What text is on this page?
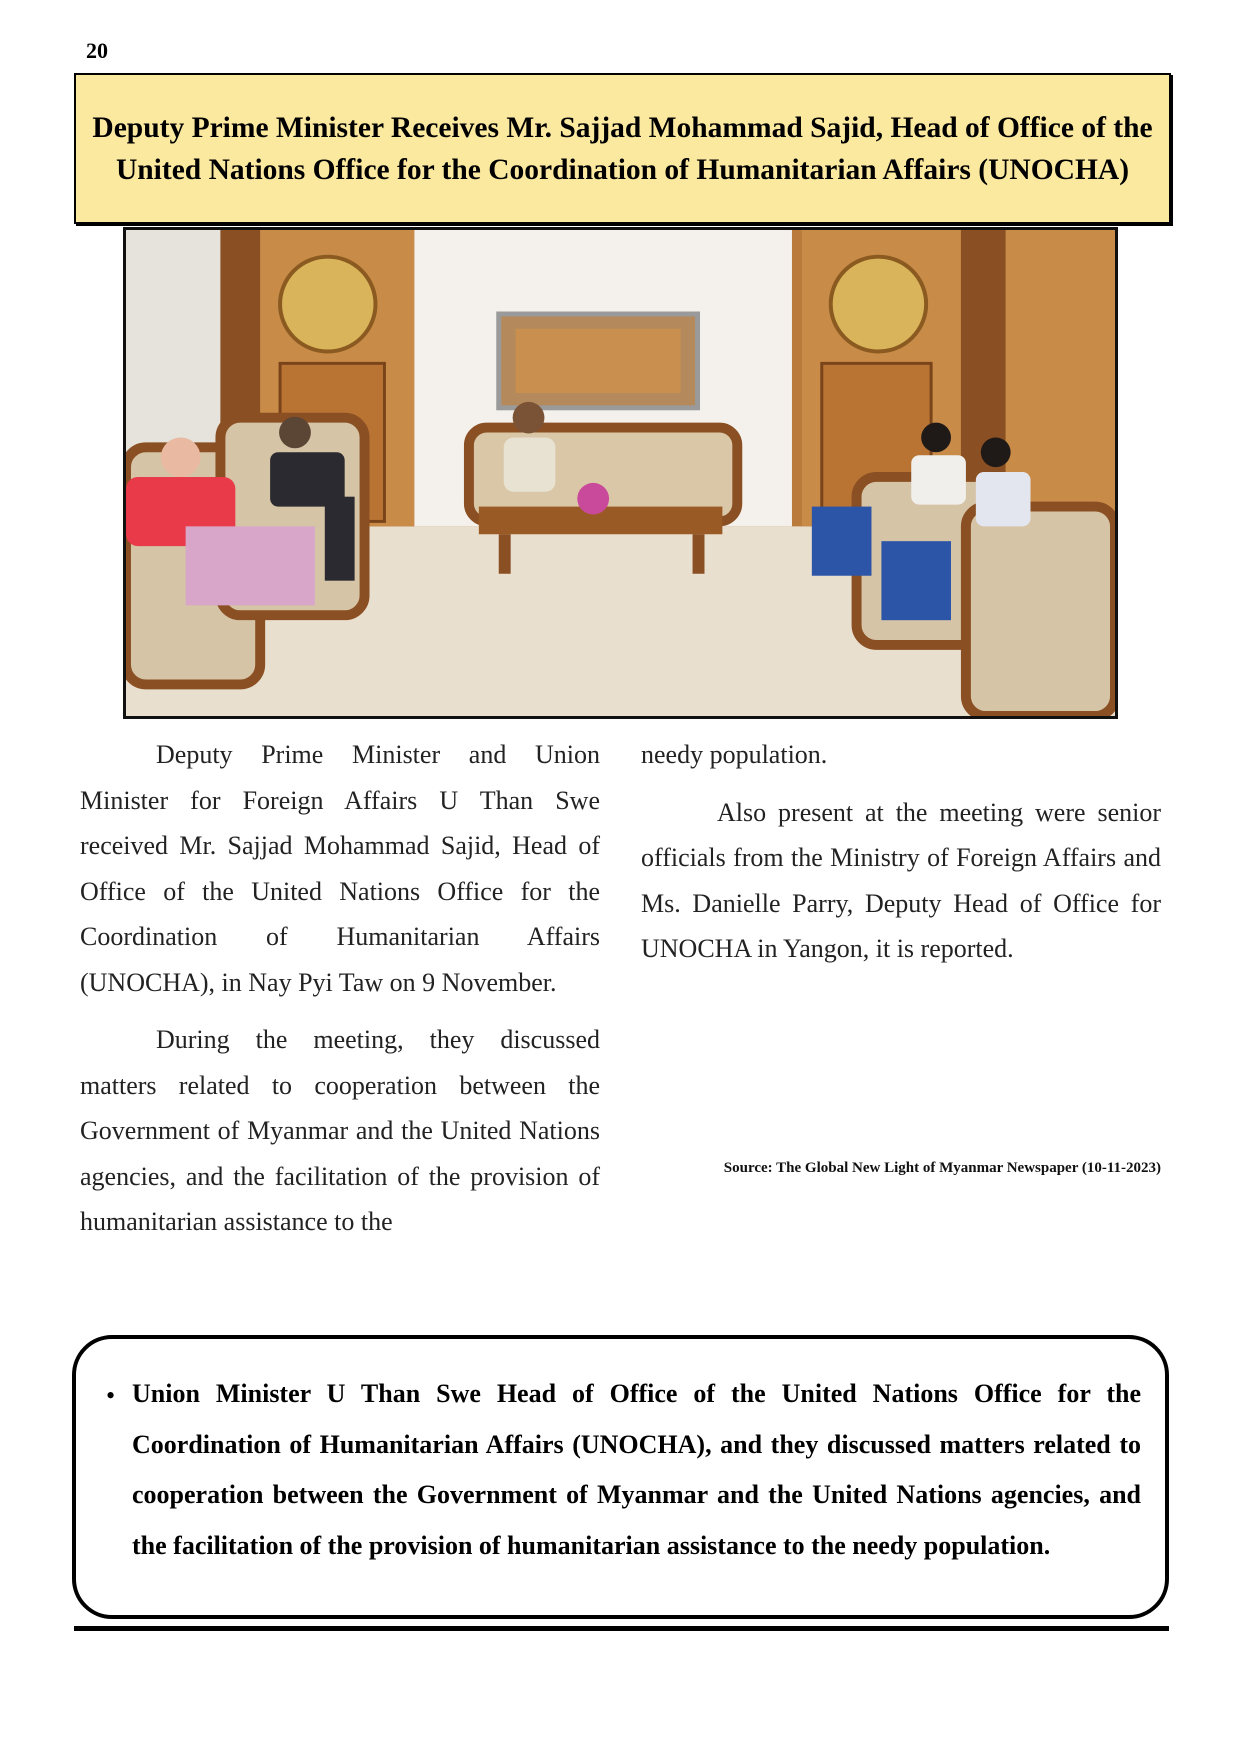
20
Deputy Prime Minister Receives Mr. Sajjad Mohammad Sajid, Head of Office of the United Nations Office for the Coordination of Humanitarian Affairs (UNOCHA)

Deputy Prime Minister and Union Minister for Foreign Affairs U Than Swe received Mr. Sajjad Mohammad Sajid, Head of Office of the United Nations Office for the Coordination of Humanitarian Affairs (UNOCHA), in Nay Pyi Taw on 9 November.

During the meeting, they discussed matters related to cooperation between the Government of Myanmar and the United Nations agencies, and the facilitation of the provision of humanitarian assistance to the

needy population.

Also present at the meeting were senior officials from the Ministry of Foreign Affairs and Ms. Danielle Parry, Deputy Head of Office for UNOCHA in Yangon, it is reported.

Source: The Global New Light of Myanmar Newspaper (10-11-2023)
• Union Minister U Than Swe Head of Office of the United Nations Office for the Coordination of Humanitarian Affairs (UNOCHA), and they discussed matters related to cooperation between the Government of Myanmar and the United Nations agencies, and the facilitation of the provision of humanitarian assistance to the needy population.
